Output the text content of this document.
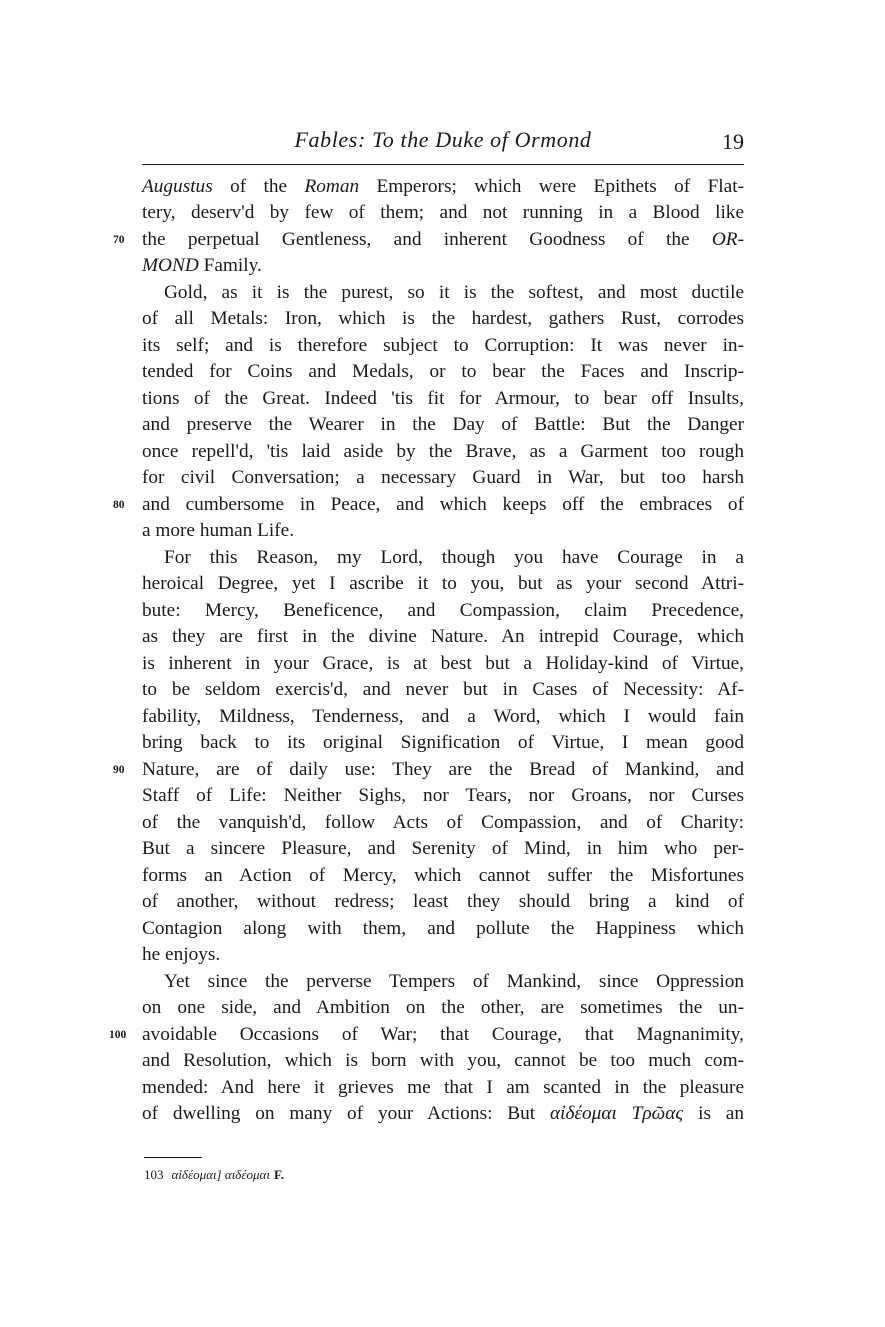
Fables: To the Duke of Ormond	19
Augustus of the Roman Emperors; which were Epithets of Flat-
tery, deserv'd by few of them; and not running in a Blood like
the perpetual Gentleness, and inherent Goodness of the OR-
MOND Family.
Gold, as it is the purest, so it is the softest, and most ductile
of all Metals: Iron, which is the hardest, gathers Rust, corrodes
its self; and is therefore subject to Corruption: It was never in-
tended for Coins and Medals, or to bear the Faces and Inscrip-
tions of the Great. Indeed 'tis fit for Armour, to bear off Insults,
and preserve the Wearer in the Day of Battle: But the Danger
once repell'd, 'tis laid aside by the Brave, as a Garment too rough
for civil Conversation; a necessary Guard in War, but too harsh
and cumbersome in Peace, and which keeps off the embraces of
a more human Life.
For this Reason, my Lord, though you have Courage in a
heroical Degree, yet I ascribe it to you, but as your second Attri-
bute: Mercy, Beneficence, and Compassion, claim Precedence,
as they are first in the divine Nature. An intrepid Courage, which
is inherent in your Grace, is at best but a Holiday-kind of Virtue,
to be seldom exercis'd, and never but in Cases of Necessity: Af-
fability, Mildness, Tenderness, and a Word, which I would fain
bring back to its original Signification of Virtue, I mean good
Nature, are of daily use: They are the Bread of Mankind, and
Staff of Life: Neither Sighs, nor Tears, nor Groans, nor Curses
of the vanquish'd, follow Acts of Compassion, and of Charity:
But a sincere Pleasure, and Serenity of Mind, in him who per-
forms an Action of Mercy, which cannot suffer the Misfortunes
of another, without redress; least they should bring a kind of
Contagion along with them, and pollute the Happiness which
he enjoys.
Yet since the perverse Tempers of Mankind, since Oppression
on one side, and Ambition on the other, are sometimes the un-
avoidable Occasions of War; that Courage, that Magnanimity,
and Resolution, which is born with you, cannot be too much com-
mended: And here it grieves me that I am scanted in the pleasure
of dwelling on many of your Actions: But αἰδέομαι Τρῶας is an
70
80
90
100
103 αἰδέομαι] αιδέομαι F.
